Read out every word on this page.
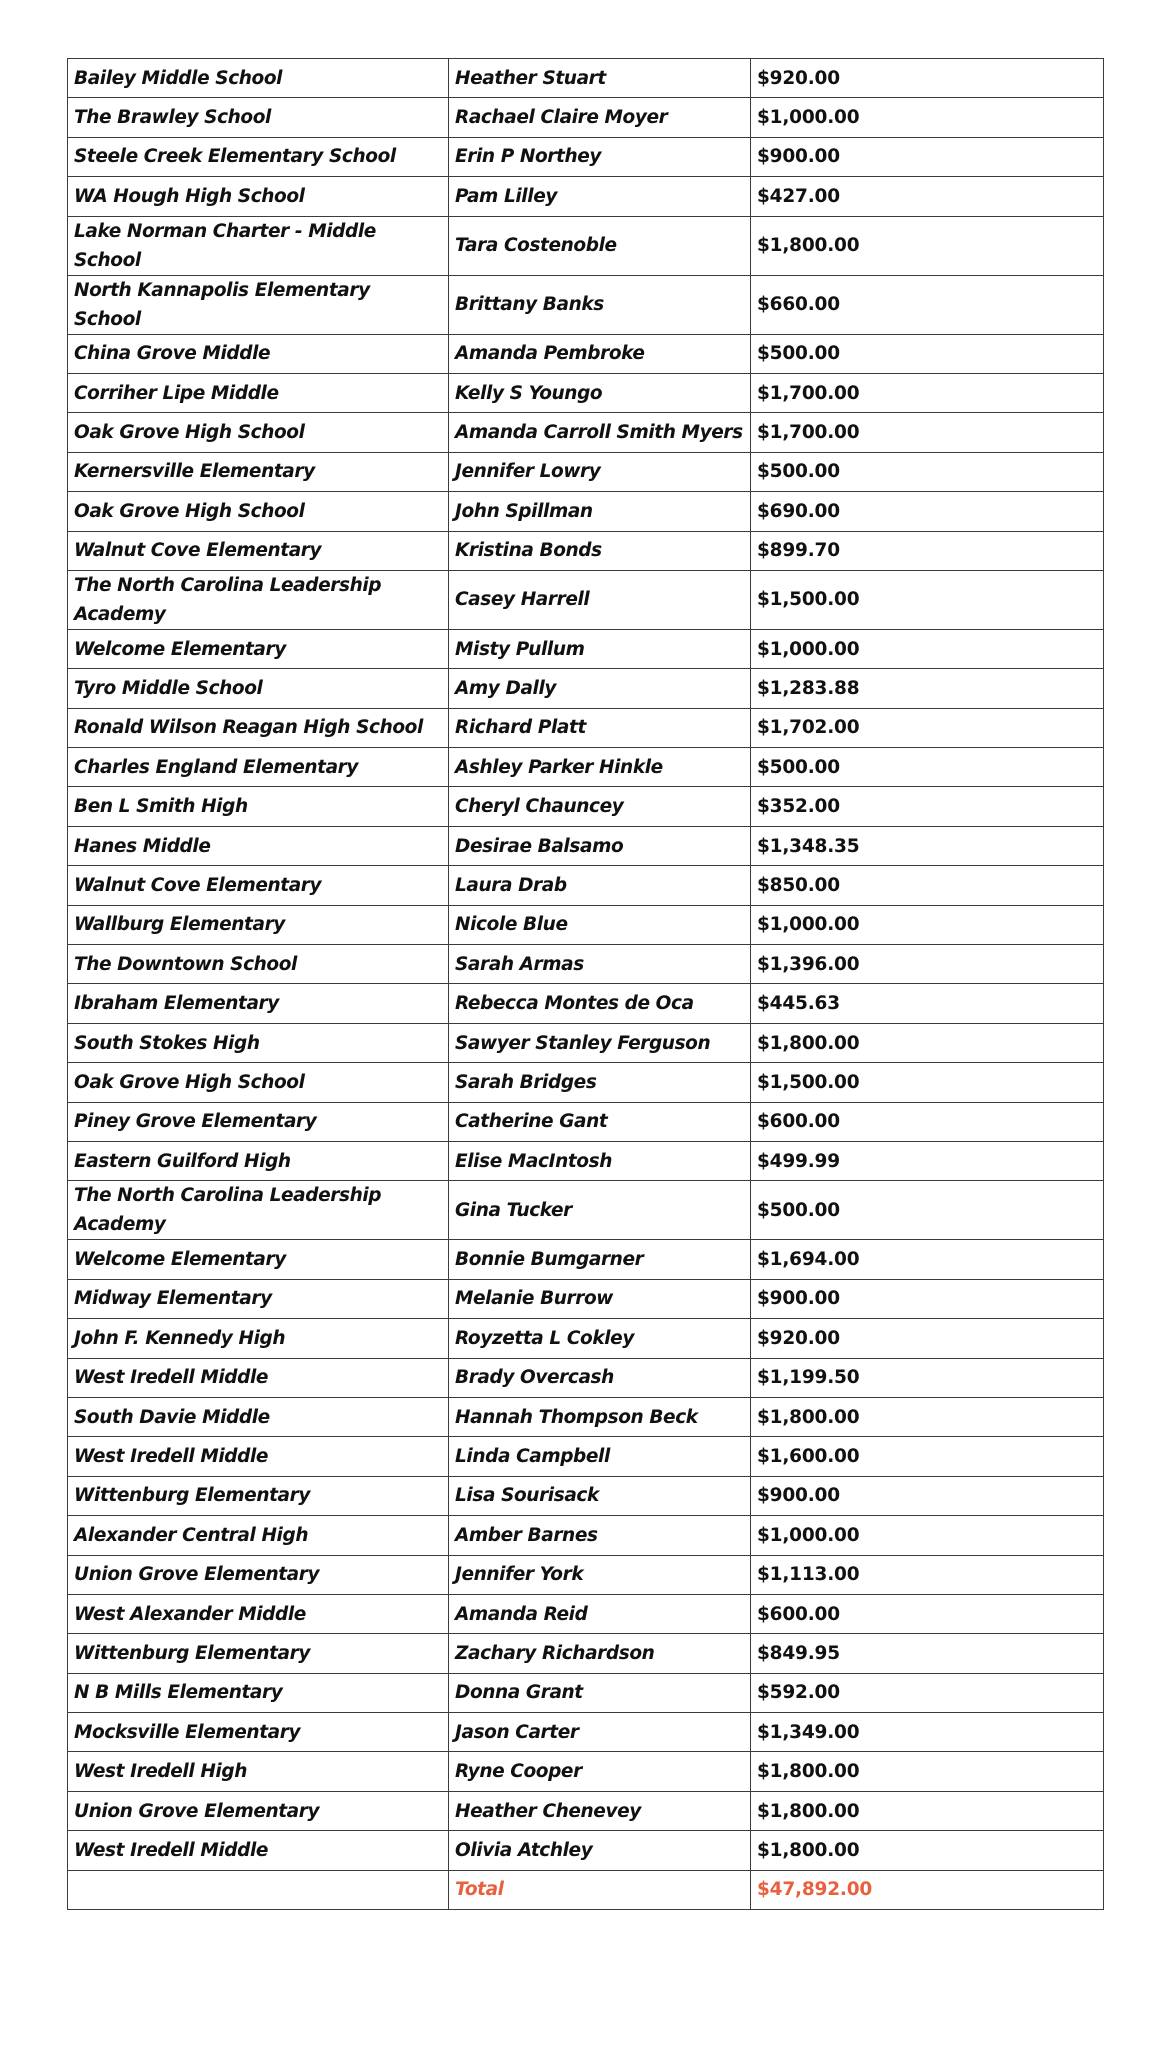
Bailey Middle School	Heather Stuart	$920.00
The Brawley School	Rachael Claire Moyer	$1,000.00
Steele Creek Elementary School	Erin P Northey	$900.00
WA Hough High School	Pam Lilley	$427.00
Lake Norman Charter - Middle School	Tara Costenoble	$1,800.00
North Kannapolis Elementary School	Brittany Banks	$660.00
China Grove Middle	Amanda Pembroke	$500.00
Corriher Lipe Middle	Kelly S Youngo	$1,700.00
Oak Grove High School	Amanda Carroll Smith Myers	$1,700.00
Kernersville Elementary	Jennifer Lowry	$500.00
Oak Grove High School	John Spillman	$690.00
Walnut Cove Elementary	Kristina Bonds	$899.70
The North Carolina Leadership Academy	Casey Harrell	$1,500.00
Welcome Elementary	Misty Pullum	$1,000.00
Tyro Middle School	Amy Dally	$1,283.88
Ronald Wilson Reagan High School	Richard Platt	$1,702.00
Charles England Elementary	Ashley Parker Hinkle	$500.00
Ben L Smith High	Cheryl Chauncey	$352.00
Hanes Middle	Desirae Balsamo	$1,348.35
Walnut Cove Elementary	Laura Drab	$850.00
Wallburg Elementary	Nicole Blue	$1,000.00
The Downtown School	Sarah Armas	$1,396.00
Ibraham Elementary	Rebecca Montes de Oca	$445.63
South Stokes High	Sawyer Stanley Ferguson	$1,800.00
Oak Grove High School	Sarah Bridges	$1,500.00
Piney Grove Elementary	Catherine Gant	$600.00
Eastern Guilford High	Elise MacIntosh	$499.99
The North Carolina Leadership Academy	Gina Tucker	$500.00
Welcome Elementary	Bonnie Bumgarner	$1,694.00
Midway Elementary	Melanie Burrow	$900.00
John F. Kennedy High	Royzetta L Cokley	$920.00
West Iredell Middle	Brady Overcash	$1,199.50
South Davie Middle	Hannah Thompson Beck	$1,800.00
West Iredell Middle	Linda Campbell	$1,600.00
Wittenburg Elementary	Lisa Sourisack	$900.00
Alexander Central High	Amber Barnes	$1,000.00
Union Grove Elementary	Jennifer York	$1,113.00
West Alexander Middle	Amanda Reid	$600.00
Wittenburg Elementary	Zachary Richardson	$849.95
N B Mills Elementary	Donna Grant	$592.00
Mocksville Elementary	Jason Carter	$1,349.00
West Iredell High	Ryne Cooper	$1,800.00
Union Grove Elementary	Heather Chenevey	$1,800.00
West Iredell Middle	Olivia Atchley	$1,800.00
	Total	$47,892.00
